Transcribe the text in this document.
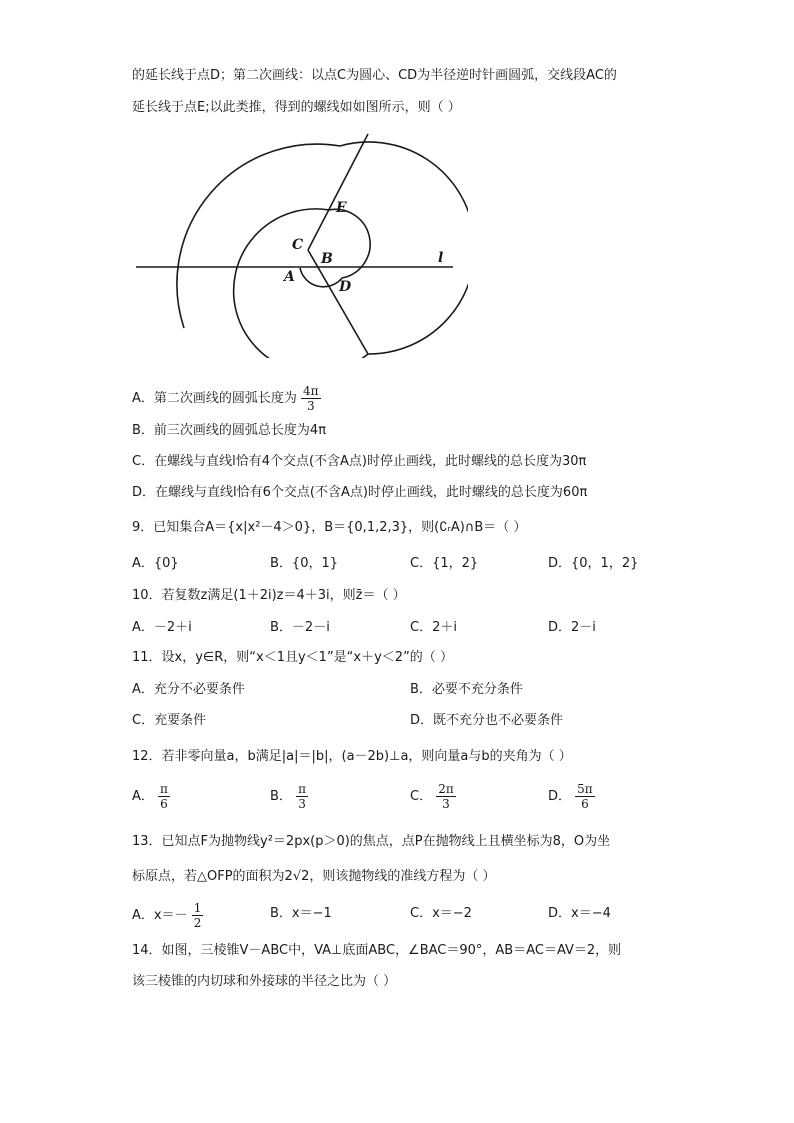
的延长线于点D；第二次画线：以点C为圆心、CD为半径逆时针画圆弧，交线段AC的
延长线于点E;以此类推，得到的螺线如如图所示，则（ ）
C
A
B
D
E
l
A．第二次画线的圆弧长度为 $\frac{4\pi}{3}$
B．前三次画线的圆弧总长度为4π
C．在螺线与直线l恰有4个交点(不含A点)时停止画线，此时螺线的总长度为30π
D．在螺线与直线l恰有6个交点(不含A点)时停止画线，此时螺线的总长度为60π
9．已知集合A＝{x|x²－4＞0}，B＝{0,1,2,3}，则(∁ᵣA)∩B＝（ ）
A．{0}	B．{0，1}	C．{1，2}	D．{0，1，2}
10．若复数z满足(1＋2i)z＝4＋3i，则z̄＝（ ）
A．－2＋i	B．－2－i	C．2＋i	D．2－i
11．设x，y∈R，则“x＜1且y＜1”是“x＋y＜2”的（ ）
A．充分不必要条件	B．必要不充分条件
C．充要条件	D．既不充分也不必要条件
12．若非零向量a，b满足|a|＝|b|，(a－2b)⊥a，则向量a与b的夹角为（ ）
A． $\frac{\pi}{6}$	B． $\frac{\pi}{3}$	C． $\frac{2\pi}{3}$	D． $\frac{5\pi}{6}$
13．已知点F为抛物线y²＝2px(p＞0)的焦点，点P在抛物线上且横坐标为8，O为坐
标原点，若△OFP的面积为2√2，则该抛物线的准线方程为（ ）
A．$x=- \frac{1}{2}$	B．x＝−1	C．x＝−2	D．x＝−4
14．如图，三棱锥V－ABC中，VA⊥底面ABC，∠BAC＝90°，AB＝AC＝AV＝2，则
该三棱锥的内切球和外接球的半径之比为（ ）
